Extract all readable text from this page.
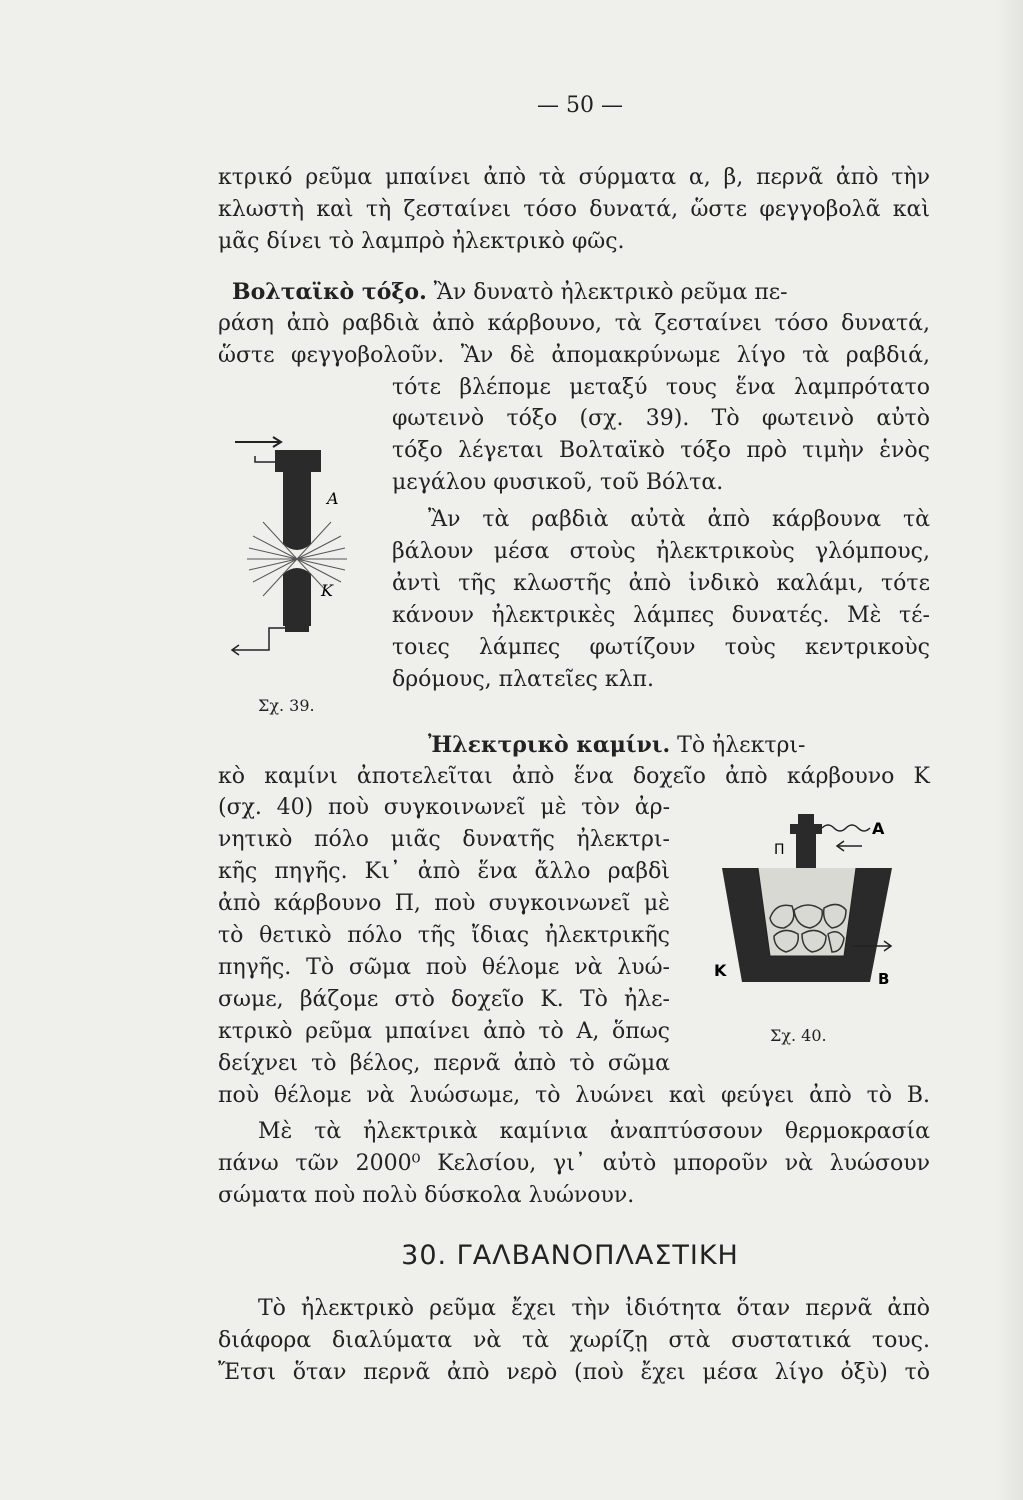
— 50 —
κτρικό ρεῦμα μπαίνει ἀπὸ τὰ σύρματα α, β, περνᾶ ἀπὸ τὴν
κλωστὴ καὶ τὴ ζεσταίνει τόσο δυνατά, ὥστε φεγγοβολᾶ καὶ
μᾶς δίνει τὸ λαμπρὸ ἠλεκτρικὸ φῶς.
Βολταϊκὸ τόξο. Ἂν δυνατὸ ἠλεκτρικὸ ρεῦμα πε-
ράση ἀπὸ ραβδιὰ ἀπὸ κάρβουνο, τὰ ζεσταίνει τόσο δυνατά,
ὥστε φεγγοβολοῦν. Ἂν δὲ ἀπομακρύνωμε λίγο τὰ ραβδιά,
τότε βλέπομε μεταξύ τους ἕνα λαμπρότατο
φωτεινὸ τόξο (σχ. 39). Τὸ φωτεινὸ αὐτὸ
τόξο λέγεται Βολταϊκὸ τόξο πρὸ τιμὴν ἑνὸς
μεγάλου φυσικοῦ, τοῦ Βόλτα.
Ἂν τὰ ραβδιὰ αὐτὰ ἀπὸ κάρβουνα τὰ
βάλουν μέσα στοὺς ἠλεκτρικοὺς γλόμπους,
ἀντὶ τῆς κλωστῆς ἀπὸ ἰνδικὸ καλάμι, τότε
κάνουν ἠλεκτρικὲς λάμπες δυνατές. Μὲ τέ-
τοιες λάμπες φωτίζουν τοὺς κεντρικοὺς
δρόμους, πλατεῖες κλπ.
Α
Κ
Σχ. 39.
Ἠλεκτρικὸ καμίνι. Τὸ ἠλεκτρι-
κὸ καμίνι ἀποτελεῖται ἀπὸ ἕνα δοχεῖο ἀπὸ κάρβουνο Κ
(σχ. 40) ποὺ συγκοινωνεῖ μὲ τὸν ἀρ-
νητικὸ πόλο μιᾶς δυνατῆς ἠλεκτρι-
κῆς πηγῆς. Κι᾿ ἀπὸ ἕνα ἄλλο ραβδὶ
ἀπὸ κάρβουνο Π, ποὺ συγκοινωνεῖ μὲ
τὸ θετικὸ πόλο τῆς ἴδιας ἠλεκτρικῆς
πηγῆς. Τὸ σῶμα ποὺ θέλομε νὰ λυώ-
σωμε, βάζομε στὸ δοχεῖο Κ. Τὸ ἠλε-
κτρικὸ ρεῦμα μπαίνει ἀπὸ τὸ Α, ὅπως
δείχνει τὸ βέλος, περνᾶ ἀπὸ τὸ σῶμα
ποὺ θέλομε νὰ λυώσωμε, τὸ λυώνει καὶ φεύγει ἀπὸ τὸ Β.
Μὲ τὰ ἠλεκτρικὰ καμίνια ἀναπτύσσουν θερμοκρασία
πάνω τῶν 2000⁰ Κελσίου, γι᾿ αὐτὸ μποροῦν νὰ λυώσουν
σώματα ποὺ πολὺ δύσκολα λυώνουν.
Π
Α
Κ	Β
Σχ. 40.
30. ΓΑΛΒΑΝΟΠΛΑΣΤΙΚΗ
Τὸ ἠλεκτρικὸ ρεῦμα ἔχει τὴν ἰδιότητα ὅταν περνᾶ ἀπὸ
διάφορα διαλύματα νὰ τὰ χωρίζῃ στὰ συστατικά τους.
Ἔτσι ὅταν περνᾶ ἀπὸ νερὸ (ποὺ ἔχει μέσα λίγο ὀξὺ) τὸ
